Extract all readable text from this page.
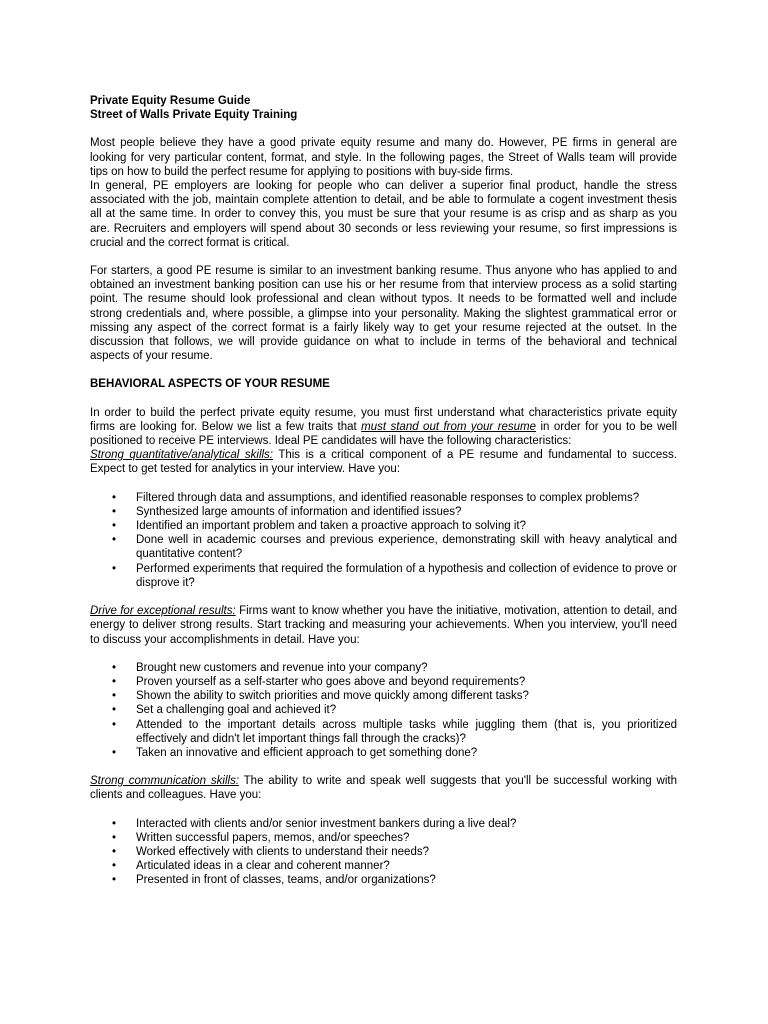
Private Equity Resume Guide
Street of Walls Private Equity Training

Most people believe they have a good private equity resume and many do. However, PE firms in general are looking for very particular content, format, and style. In the following pages, the Street of Walls team will provide tips on how to build the perfect resume for applying to positions with buy-side firms.

In general, PE employers are looking for people who can deliver a superior final product, handle the stress associated with the job, maintain complete attention to detail, and be able to formulate a cogent investment thesis all at the same time. In order to convey this, you must be sure that your resume is as crisp and as sharp as you are. Recruiters and employers will spend about 30 seconds or less reviewing your resume, so first impressions is crucial and the correct format is critical.

For starters, a good PE resume is similar to an investment banking resume. Thus anyone who has applied to and obtained an investment banking position can use his or her resume from that interview process as a solid starting point. The resume should look professional and clean without typos. It needs to be formatted well and include strong credentials and, where possible, a glimpse into your personality. Making the slightest grammatical error or missing any aspect of the correct format is a fairly likely way to get your resume rejected at the outset. In the discussion that follows, we will provide guidance on what to include in terms of the behavioral and technical aspects of your resume.

BEHAVIORAL ASPECTS OF YOUR RESUME

In order to build the perfect private equity resume, you must first understand what characteristics private equity firms are looking for. Below we list a few traits that must stand out from your resume in order for you to be well positioned to receive PE interviews. Ideal PE candidates will have the following characteristics:

Strong quantitative/analytical skills: This is a critical component of a PE resume and fundamental to success. Expect to get tested for analytics in your interview. Have you:

• Filtered through data and assumptions, and identified reasonable responses to complex problems?
• Synthesized large amounts of information and identified issues?
• Identified an important problem and taken a proactive approach to solving it?
• Done well in academic courses and previous experience, demonstrating skill with heavy analytical and quantitative content?
• Performed experiments that required the formulation of a hypothesis and collection of evidence to prove or disprove it?

Drive for exceptional results: Firms want to know whether you have the initiative, motivation, attention to detail, and energy to deliver strong results. Start tracking and measuring your achievements. When you interview, you'll need to discuss your accomplishments in detail. Have you:

• Brought new customers and revenue into your company?
• Proven yourself as a self-starter who goes above and beyond requirements?
• Shown the ability to switch priorities and move quickly among different tasks?
• Set a challenging goal and achieved it?
• Attended to the important details across multiple tasks while juggling them (that is, you prioritized effectively and didn't let important things fall through the cracks)?
• Taken an innovative and efficient approach to get something done?

Strong communication skills: The ability to write and speak well suggests that you'll be successful working with clients and colleagues. Have you:

• Interacted with clients and/or senior investment bankers during a live deal?
• Written successful papers, memos, and/or speeches?
• Worked effectively with clients to understand their needs?
• Articulated ideas in a clear and coherent manner?
• Presented in front of classes, teams, and/or organizations?
